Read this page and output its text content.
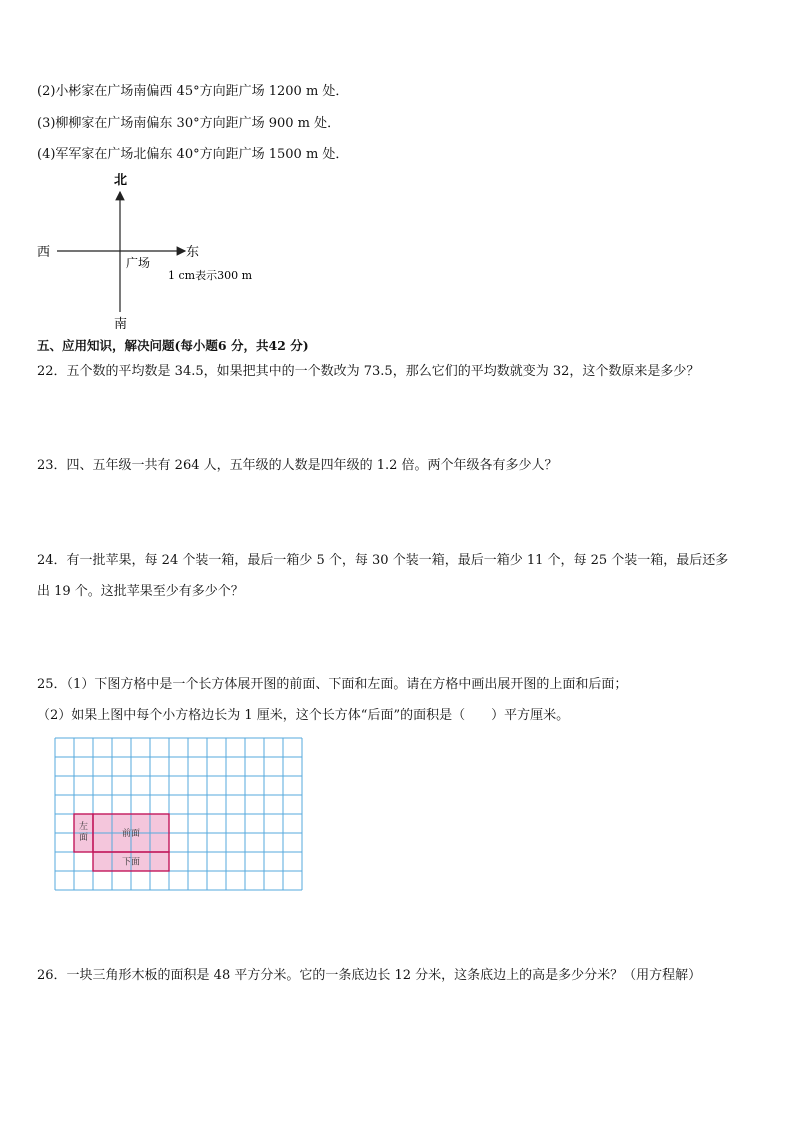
(2)小彬家在广场南偏西 45°方向距广场 1200 m 处．
(3)柳柳家在广场南偏东 30°方向距广场 900 m 处．
(4)军军家在广场北偏东 40°方向距广场 1500 m 处．
北
南
西	东
广场
1 cm表示300 m
五、应用知识，解决问题(每小题6 分，共42 分)
22．五个数的平均数是 34.5，如果把其中的一个数改为 73.5，那么它们的平均数就变为 32，这个数原来是多少？
23．四、五年级一共有 264 人，五年级的人数是四年级的 1.2 倍。两个年级各有多少人？
24．有一批苹果，每 24 个装一箱，最后一箱少 5 个，每 30 个装一箱，最后一箱少 11 个，每 25 个装一箱，最后还多
出 19 个。这批苹果至少有多少个？
25．（1）下图方格中是一个长方体展开图的前面、下面和左面。请在方格中画出展开图的上面和后面；
（2）如果上图中每个小方格边长为 1 厘米，这个长方体“后面”的面积是（　　）平方厘米。
左面	前面
下面
26．一块三角形木板的面积是 48 平方分米。它的一条底边长 12 分米，这条底边上的高是多少分米？（用方程解）
